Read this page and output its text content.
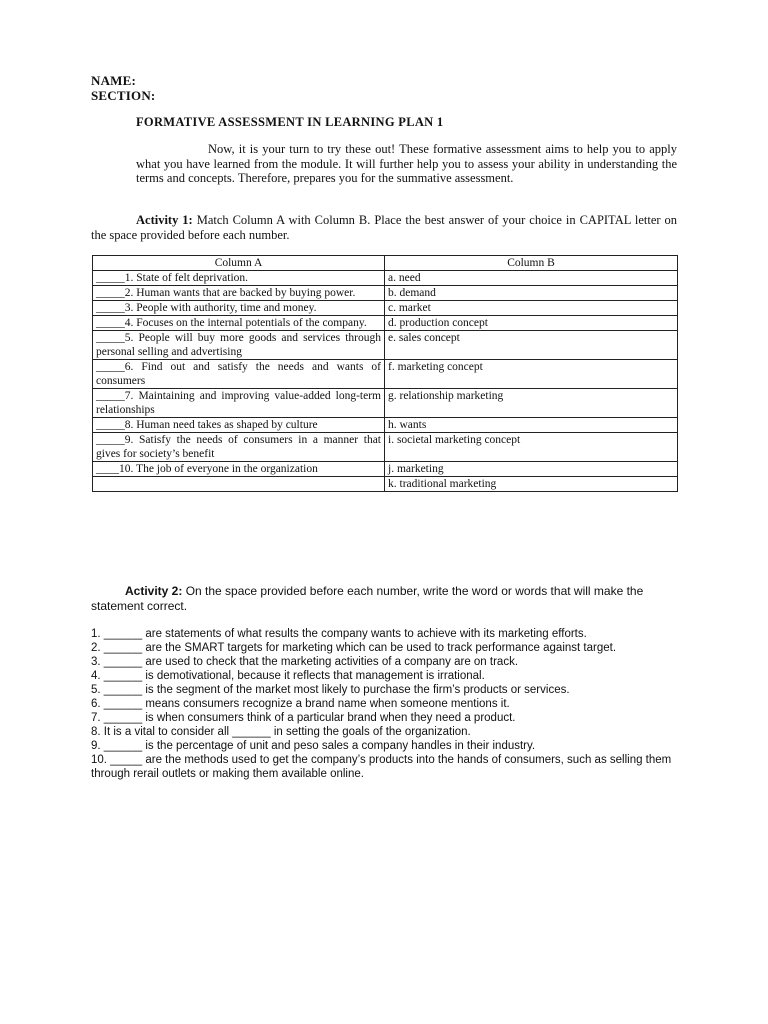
NAME:
SECTION:
FORMATIVE ASSESSMENT IN LEARNING PLAN 1

Now, it is your turn to try these out! These formative assessment aims to help you to apply what you have learned from the module. It will further help you to assess your ability in understanding the terms and concepts. Therefore, prepares you for the summative assessment.

Activity 1: Match Column A with Column B. Place the best answer of your choice in CAPITAL letter on the space provided before each number.

Column A	Column B
_____1. State of felt deprivation.	a. need
_____2. Human wants that are backed by buying power.	b. demand
_____3. People with authority, time and money.	c. market
_____4. Focuses on the internal potentials of the company.	d. production concept
_____5. People will buy more goods and services through personal selling and advertising	e. sales concept
_____6. Find out and satisfy the needs and wants of consumers	f. marketing concept
_____7. Maintaining and improving value-added long-term relationships	g. relationship marketing
_____8. Human need takes as shaped by culture	h. wants
_____9. Satisfy the needs of consumers in a manner that gives for society’s benefit	i. societal marketing concept
____10. The job of everyone in the organization	j. marketing
	k. traditional marketing

Activity 2: On the space provided before each number, write the word or words that will make the statement correct.

1. ______ are statements of what results the company wants to achieve with its marketing efforts.
2. ______ are the SMART targets for marketing which can be used to track performance against target.
3. ______ are used to check that the marketing activities of a company are on track.
4. ______ is demotivational, because it reflects that management is irrational.
5. ______ is the segment of the market most likely to purchase the firm’s products or services.
6. ______ means consumers recognize a brand name when someone mentions it.
7. ______ is when consumers think of a particular brand when they need a product.
8. It is a vital to consider all ______ in setting the goals of the organization.
9. ______ is the percentage of unit and peso sales a company handles in their industry.
10. _____ are the methods used to get the company’s products into the hands of consumers, such as selling them through rerail outlets or making them available online.
